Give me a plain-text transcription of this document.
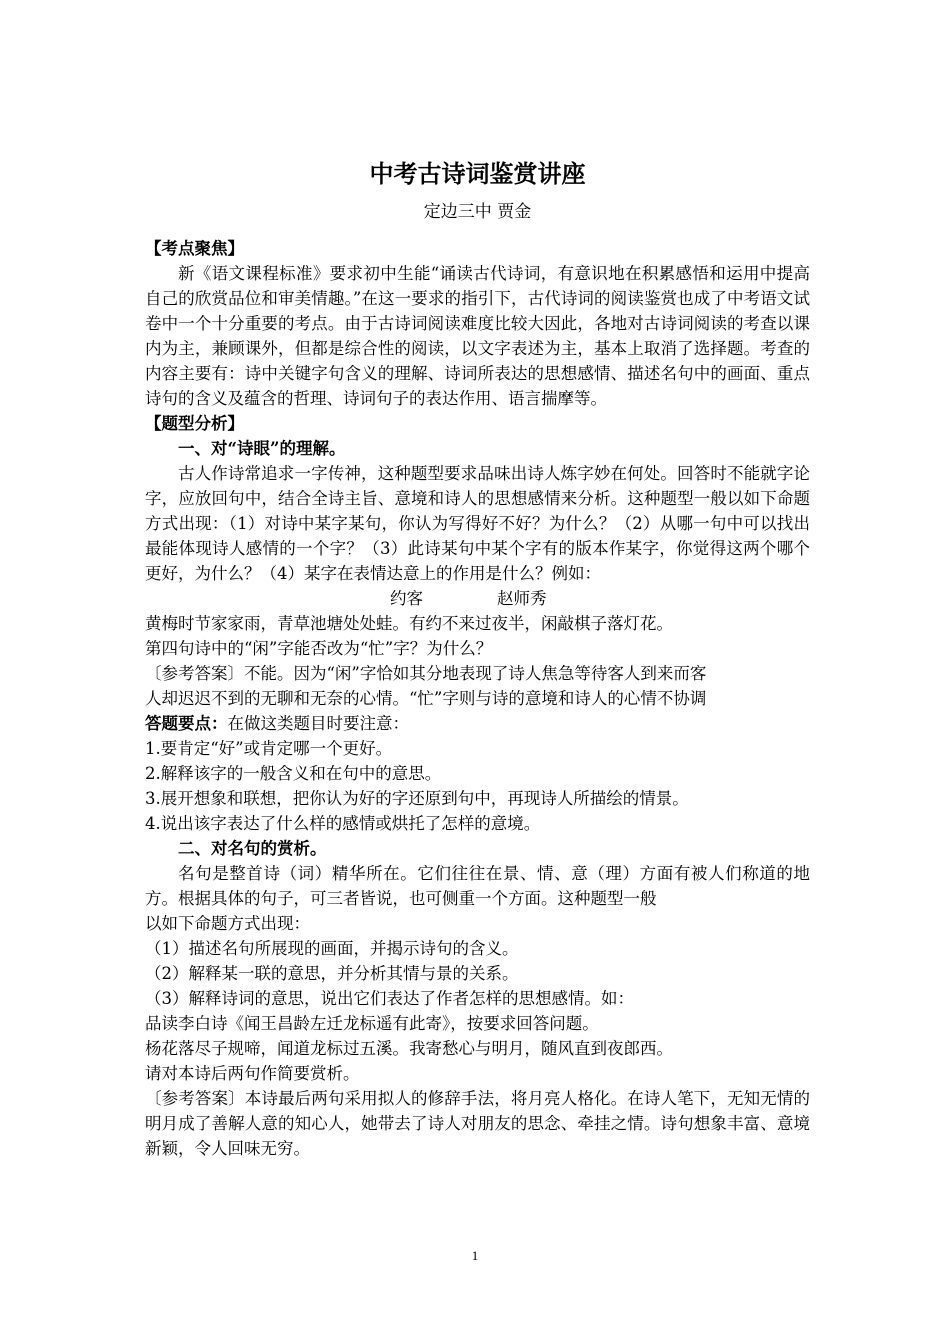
中考古诗词鉴赏讲座
定边三中 贾金
【考点聚焦】

新《语文课程标准》要求初中生能“诵读古代诗词，有意识地在积累感悟和运用中提高自己的欣赏品位和审美情趣。”在这一要求的指引下，古代诗词的阅读鉴赏也成了中考语文试卷中一个十分重要的考点。由于古诗词阅读难度比较大因此，各地对古诗词阅读的考查以课内为主，兼顾课外，但都是综合性的阅读，以文字表述为主，基本上取消了选择题。考查的内容主要有：诗中关键字句含义的理解、诗词所表达的思想感情、描述名句中的画面、重点诗句的含义及蕴含的哲理、诗词句子的表达作用、语言揣摩等。

【题型分析】
一、对“诗眼”的理解。

古人作诗常追求一字传神，这种题型要求品味出诗人炼字妙在何处。回答时不能就字论字，应放回句中，结合全诗主旨、意境和诗人的思想感情来分析。这种题型一般以如下命题方式出现：（1）对诗中某字某句，你认为写得好不好？为什么？（2）从哪一句中可以找出最能体现诗人感情的一个字？（3）此诗某句中某个字有的版本作某字，你觉得这两个哪个更好，为什么？（4）某字在表情达意上的作用是什么？例如：

约客	赵师秀
黄梅时节家家雨，青草池塘处处蛙。有约不来过夜半，闲敲棋子落灯花。
第四句诗中的“闲”字能否改为“忙”字？为什么？
〔参考答案〕不能。因为“闲”字恰如其分地表现了诗人焦急等待客人到来而客
人却迟迟不到的无聊和无奈的心情。“忙”字则与诗的意境和诗人的心情不协调
答题要点：在做这类题目时要注意：
1.要肯定“好”或肯定哪一个更好。
2.解释该字的一般含义和在句中的意思。
3.展开想象和联想，把你认为好的字还原到句中，再现诗人所描绘的情景。
4.说出该字表达了什么样的感情或烘托了怎样的意境。
二、对名句的赏析。

名句是整首诗（词）精华所在。它们往往在景、情、意（理）方面有被人们称道的地方。根据具体的句子，可三者皆说，也可侧重一个方面。这种题型一般

以如下命题方式出现：
（1）描述名句所展现的画面，并揭示诗句的含义。
（2）解释某一联的意思，并分析其情与景的关系。
（3）解释诗词的意思，说出它们表达了作者怎样的思想感情。如：
品读李白诗《闻王昌龄左迁龙标遥有此寄》，按要求回答问题。
杨花落尽子规啼，闻道龙标过五溪。我寄愁心与明月，随风直到夜郎西。
请对本诗后两句作简要赏析。

〔参考答案〕本诗最后两句采用拟人的修辞手法，将月亮人格化。在诗人笔下，无知无情的明月成了善解人意的知心人，她带去了诗人对朋友的思念、牵挂之情。诗句想象丰富、意境新颖，令人回味无穷。

1
